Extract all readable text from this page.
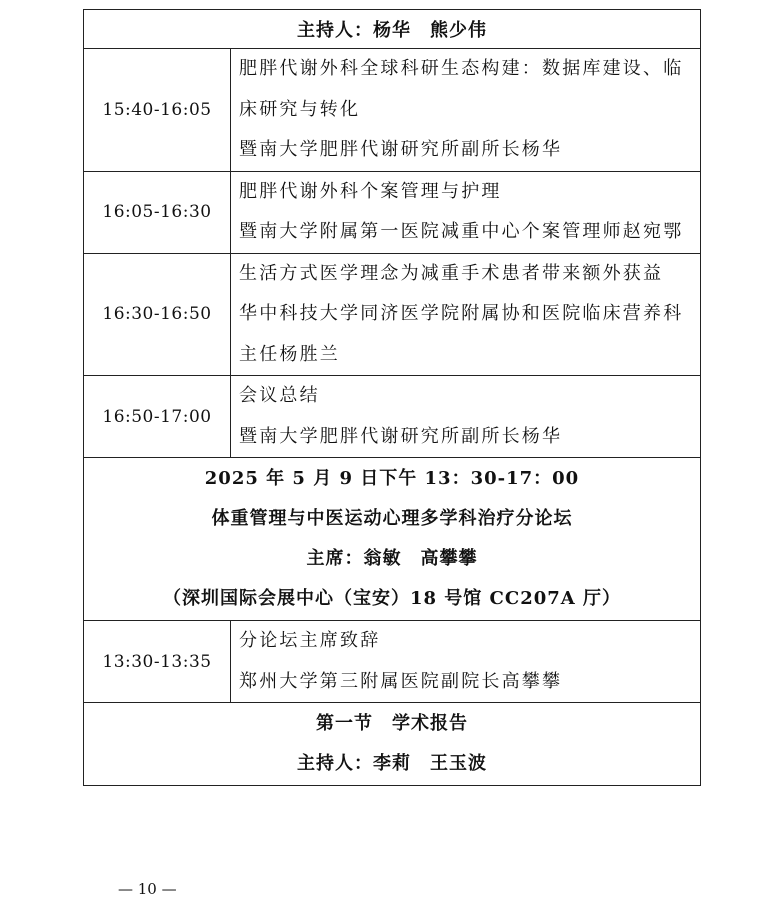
主持人：杨华　熊少伟	
15:40-16:05	肥胖代谢外科全球科研生态构建：数据库建设、临床研究与转化
暨南大学肥胖代谢研究所副所长杨华

16:05-16:30	肥胖代谢外科个案管理与护理
暨南大学附属第一医院减重中心个案管理师赵宛鄂

16:30-16:50	生活方式医学理念为减重手术患者带来额外获益
华中科技大学同济医学院附属协和医院临床营养科主任杨胜兰

16:50-17:00	会议总结
暨南大学肥胖代谢研究所副所长杨华

2025 年 5 月 9 日下午 13：30-17：00
体重管理与中医运动心理多学科治疗分论坛
主席：翁敏　高攀攀
（深圳国际会展中心（宝安）18 号馆 CC207A 厅）	

13:30-13:35	分论坛主席致辞
郑州大学第三附属医院副院长高攀攀

第一节　学术报告
主持人：李莉　王玉波	
— 10 —
